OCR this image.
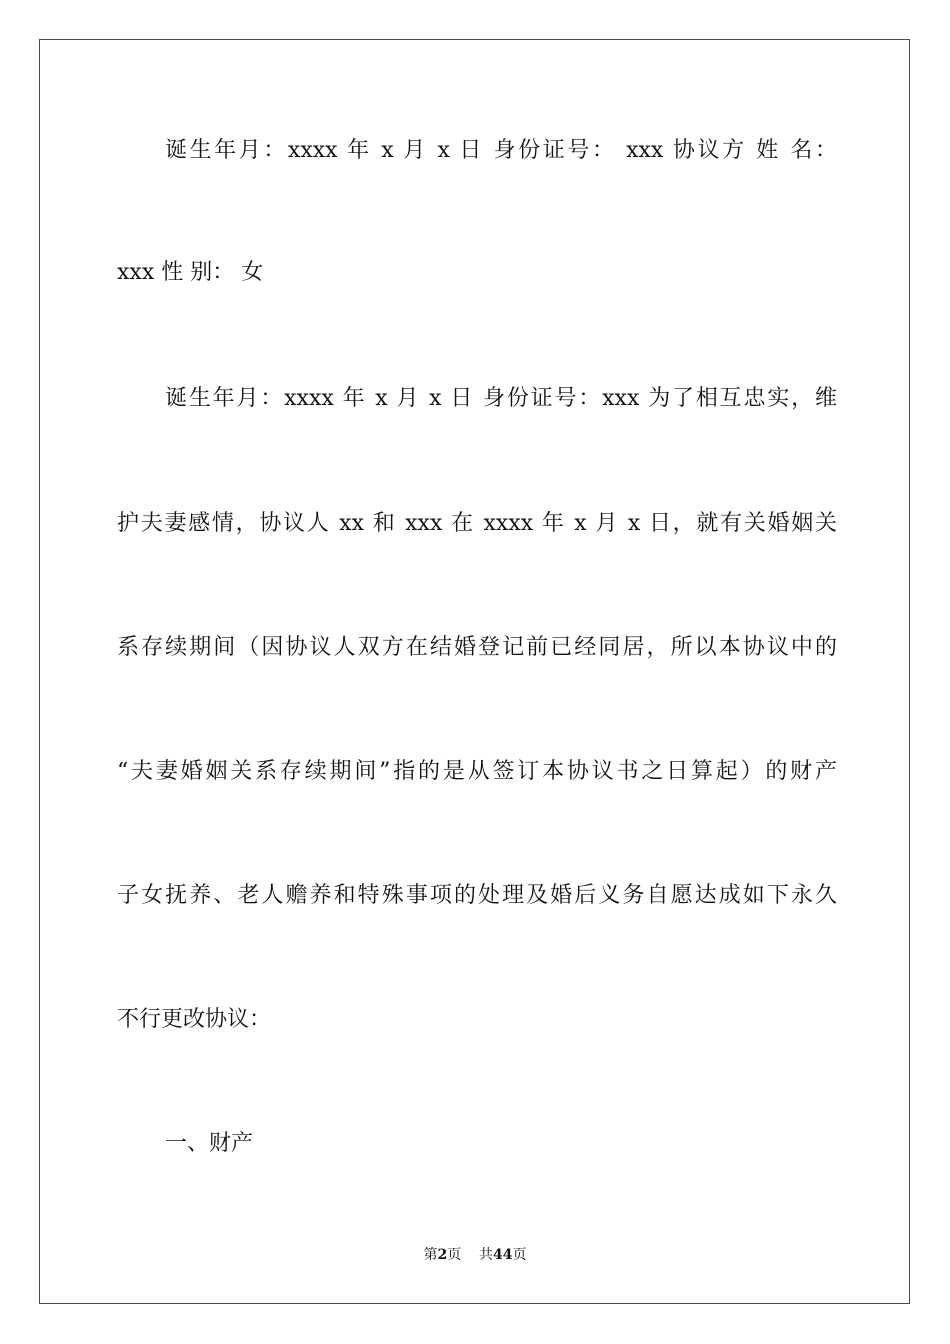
诞生年月：xxxx 年 x 月 x 日 身份证号： xxx 协议方 姓 名：
xxx 性 别： 女
诞生年月：xxxx 年 x 月 x 日 身份证号：xxx 为了相互忠实，维
护夫妻感情，协议人 xx 和 xxx 在 xxxx 年 x 月 x 日，就有关婚姻关
系存续期间（因协议人双方在结婚登记前已经同居，所以本协议中的
“夫妻婚姻关系存续期间”指的是从签订本协议书之日算起）的财产
子女抚养、老人赡养和特殊事项的处理及婚后义务自愿达成如下永久
不行更改协议：
一、财产
第2页 共44页
